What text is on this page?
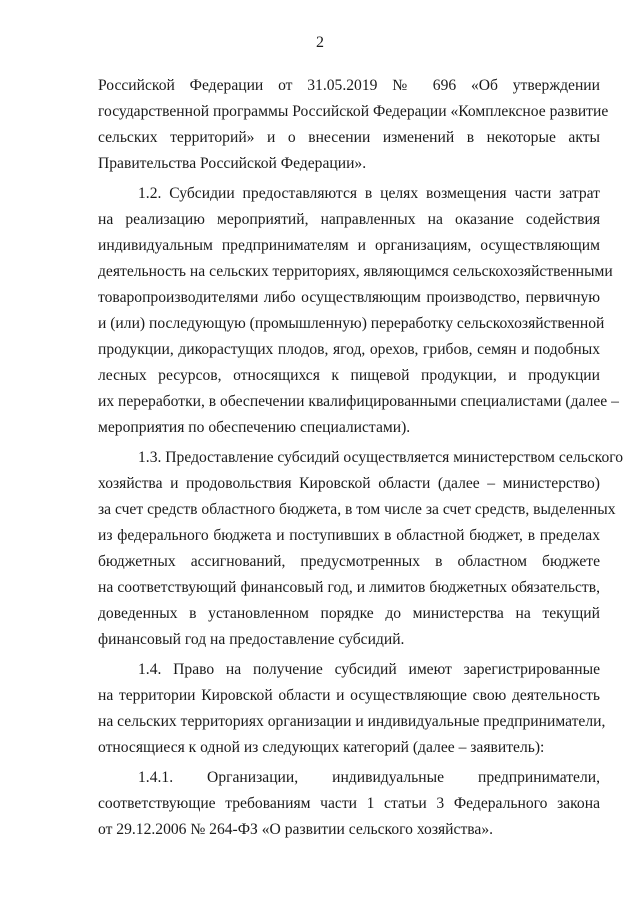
2
Российской Федерации от 31.05.2019 № 696 «Об утверждении
государственной программы Российской Федерации «Комплексное развитие
сельских территорий» и о внесении изменений в некоторые акты
Правительства Российской Федерации».
1.2. Субсидии предоставляются в целях возмещения части затрат
на реализацию мероприятий, направленных на оказание содействия
индивидуальным предпринимателям и организациям, осуществляющим
деятельность на сельских территориях, являющимся сельскохозяйственными
товаропроизводителями либо осуществляющим производство, первичную
и (или) последующую (промышленную) переработку сельскохозяйственной
продукции, дикорастущих плодов, ягод, орехов, грибов, семян и подобных
лесных ресурсов, относящихся к пищевой продукции, и продукции
их переработки, в обеспечении квалифицированными специалистами (далее –
мероприятия по обеспечению специалистами).
1.3. Предоставление субсидий осуществляется министерством сельского
хозяйства и продовольствия Кировской области (далее – министерство)
за счет средств областного бюджета, в том числе за счет средств, выделенных
из федерального бюджета и поступивших в областной бюджет, в пределах
бюджетных ассигнований, предусмотренных в областном бюджете
на соответствующий финансовый год, и лимитов бюджетных обязательств,
доведенных в установленном порядке до министерства на текущий
финансовый год на предоставление субсидий.
1.4. Право на получение субсидий имеют зарегистрированные
на территории Кировской области и осуществляющие свою деятельность
на сельских территориях организации и индивидуальные предприниматели,
относящиеся к одной из следующих категорий (далее – заявитель):
1.4.1. Организации, индивидуальные предприниматели,
соответствующие требованиям части 1 статьи 3 Федерального закона
от 29.12.2006 № 264-ФЗ «О развитии сельского хозяйства».
